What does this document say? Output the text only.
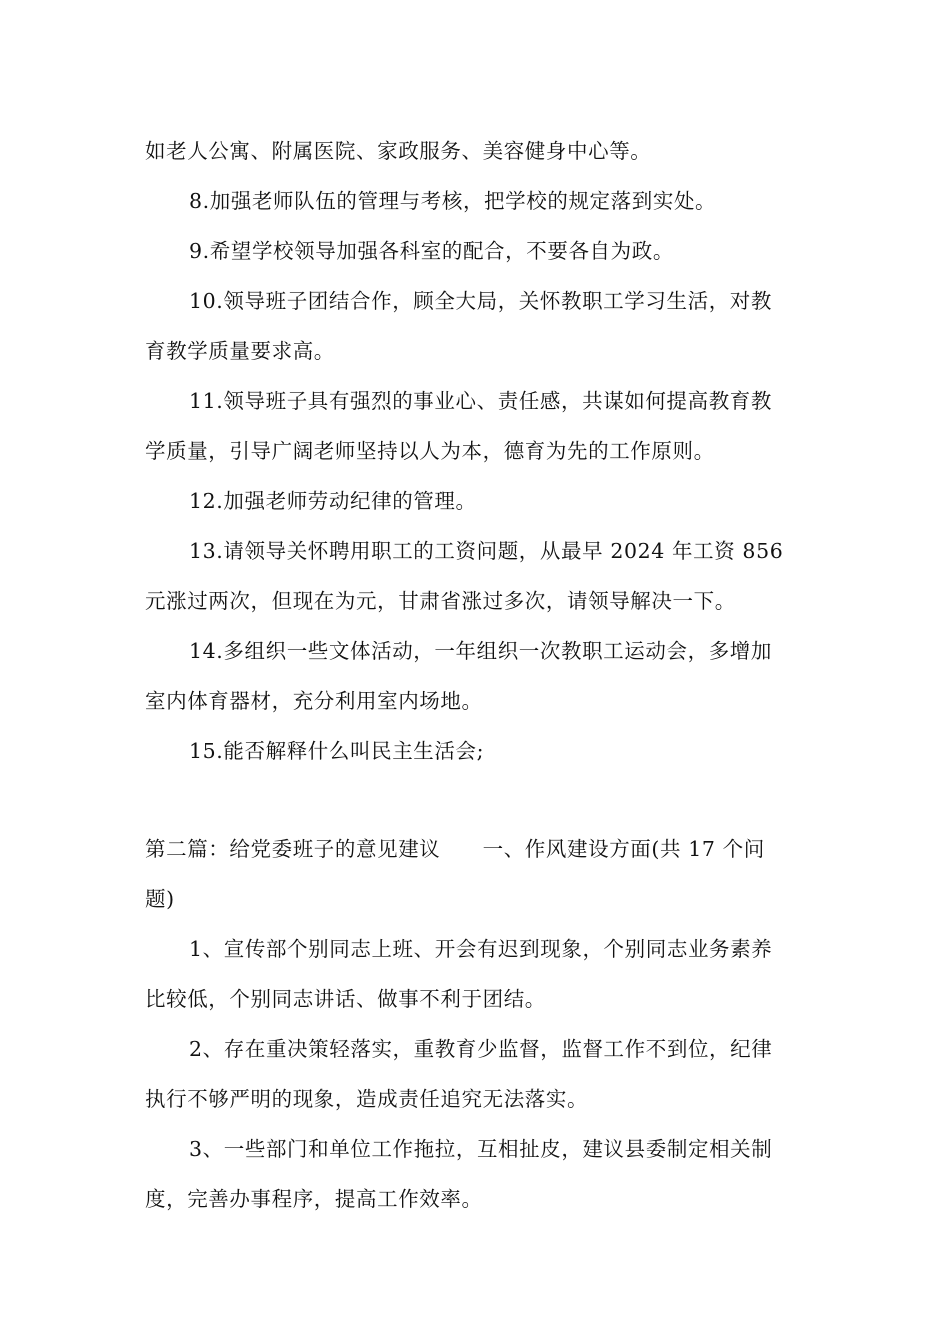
如老人公寓、附属医院、家政服务、美容健身中心等。

8.加强老师队伍的管理与考核，把学校的规定落到实处。

9.希望学校领导加强各科室的配合，不要各自为政。

10.领导班子团结合作，顾全大局，关怀教职工学习生活，对教

育教学质量要求高。

11.领导班子具有强烈的事业心、责任感，共谋如何提高教育教

学质量，引导广阔老师坚持以人为本，德育为先的工作原则。

12.加强老师劳动纪律的管理。

13.请领导关怀聘用职工的工资问题，从最早 2024 年工资 856

元涨过两次，但现在为元，甘肃省涨过多次，请领导解决一下。

14.多组织一些文体活动，一年组织一次教职工运动会，多增加

室内体育器材，充分利用室内场地。

15.能否解释什么叫民主生活会;

第二篇：给党委班子的意见建议　　一、作风建设方面(共 17 个问

题)

1、宣传部个别同志上班、开会有迟到现象，个别同志业务素养

比较低，个别同志讲话、做事不利于团结。

2、存在重决策轻落实，重教育少监督，监督工作不到位，纪律

执行不够严明的现象，造成责任追究无法落实。

3、一些部门和单位工作拖拉，互相扯皮，建议县委制定相关制

度，完善办事程序，提高工作效率。
